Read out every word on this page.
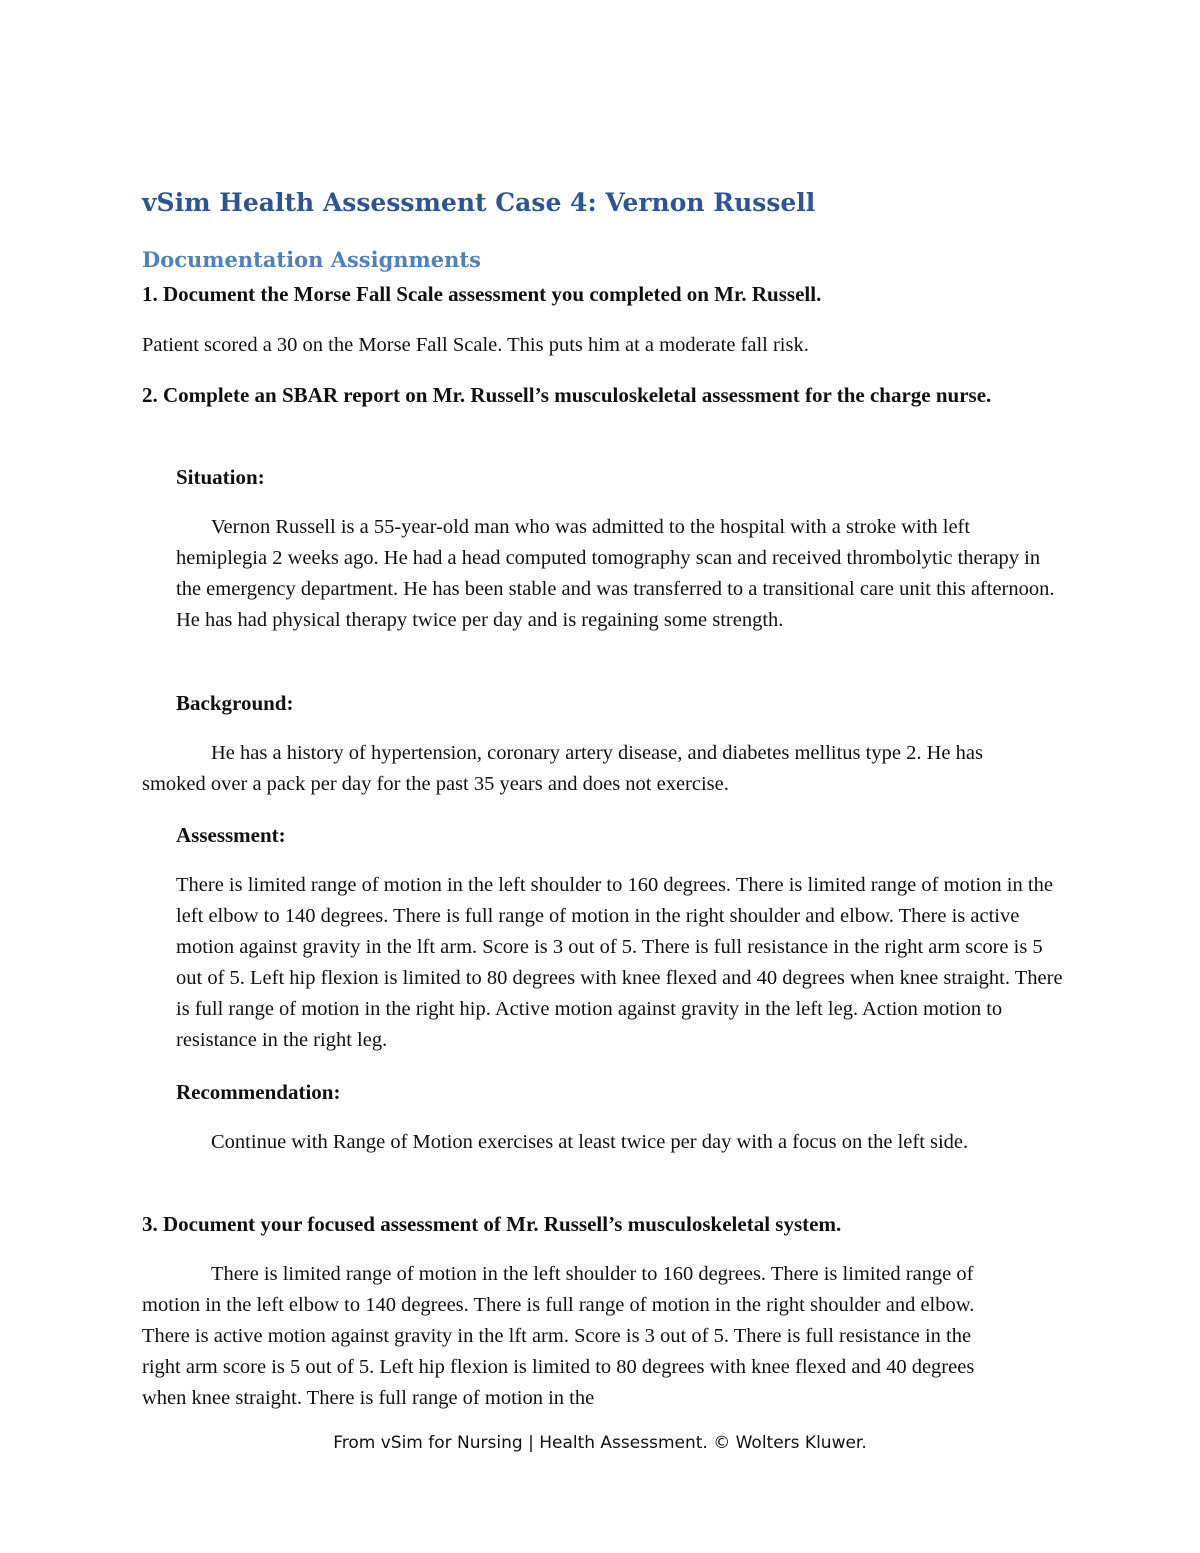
vSim Health Assessment Case 4: Vernon Russell
Documentation Assignments
1. Document the Morse Fall Scale assessment you completed on Mr. Russell.
Patient scored a 30 on the Morse Fall Scale. This puts him at a moderate fall risk.
2. Complete an SBAR report on Mr. Russell’s musculoskeletal assessment for the charge nurse.
Situation:
Vernon Russell is a 55-year-old man who was admitted to the hospital with a stroke with left hemiplegia 2 weeks ago. He had a head computed tomography scan and received thrombolytic therapy in the emergency department. He has been stable and was transferred to a transitional care unit this afternoon. He has had physical therapy twice per day and is regaining some strength.
Background:
He has a history of hypertension, coronary artery disease, and diabetes mellitus type 2. He has smoked over a pack per day for the past 35 years and does not exercise.
Assessment:
There is limited range of motion in the left shoulder to 160 degrees. There is limited range of motion in the left elbow to 140 degrees. There is full range of motion in the right shoulder and elbow. There is active motion against gravity in the lft arm. Score is 3 out of 5. There is full resistance in the right arm score is 5 out of 5. Left hip flexion is limited to 80 degrees with knee flexed and 40 degrees when knee straight. There is full range of motion in the right hip. Active motion against gravity in the left leg. Action motion to resistance in the right leg.
Recommendation:
Continue with Range of Motion exercises at least twice per day with a focus on the left side.
3. Document your focused assessment of Mr. Russell’s musculoskeletal system.
There is limited range of motion in the left shoulder to 160 degrees. There is limited range of motion in the left elbow to 140 degrees. There is full range of motion in the right shoulder and elbow. There is active motion against gravity in the lft arm. Score is 3 out of 5. There is full resistance in the right arm score is 5 out of 5. Left hip flexion is limited to 80 degrees with knee flexed and 40 degrees when knee straight. There is full range of motion in the
From vSim for Nursing | Health Assessment. © Wolters Kluwer.
